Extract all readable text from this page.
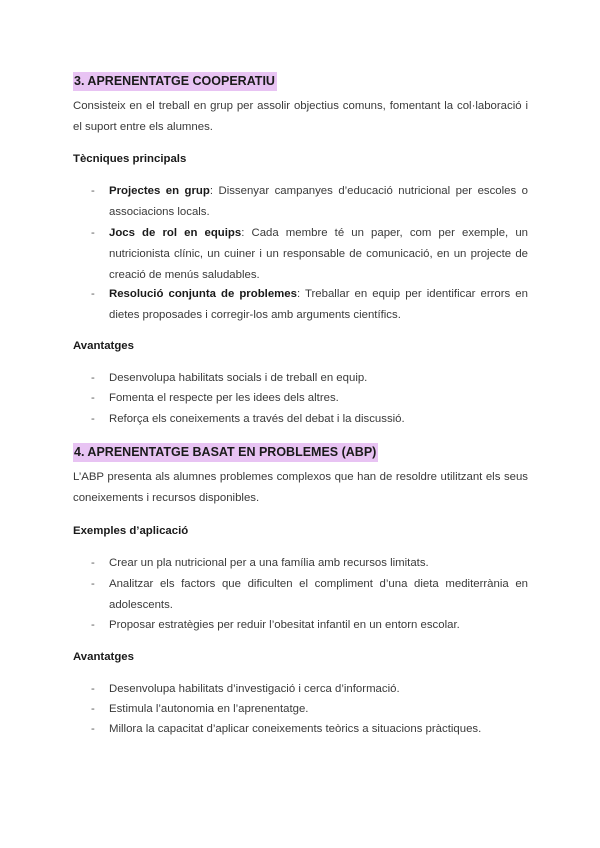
3. APRENENTATGE COOPERATIU
Consisteix en el treball en grup per assolir objectius comuns, fomentant la col·laboració i el suport entre els alumnes.
Tècniques principals
- Projectes en grup: Dissenyar campanyes d’educació nutricional per escoles o associacions locals.
- Jocs de rol en equips: Cada membre té un paper, com per exemple, un nutricionista clínic, un cuiner i un responsable de comunicació, en un projecte de creació de menús saludables.
- Resolució conjunta de problemes: Treballar en equip per identificar errors en dietes proposades i corregir-los amb arguments científics.
Avantatges
- Desenvolupa habilitats socials i de treball en equip.
- Fomenta el respecte per les idees dels altres.
- Reforça els coneixements a través del debat i la discussió.
4. APRENENTATGE BASAT EN PROBLEMES (ABP)
L’ABP presenta als alumnes problemes complexos que han de resoldre utilitzant els seus coneixements i recursos disponibles.
Exemples d’aplicació
- Crear un pla nutricional per a una família amb recursos limitats.
- Analitzar els factors que dificulten el compliment d’una dieta mediterrània en adolescents.
- Proposar estratègies per reduir l’obesitat infantil en un entorn escolar.
Avantatges
- Desenvolupa habilitats d’investigació i cerca d’informació.
- Estimula l’autonomia en l’aprenentatge.
- Millora la capacitat d’aplicar coneixements teòrics a situacions pràctiques.
